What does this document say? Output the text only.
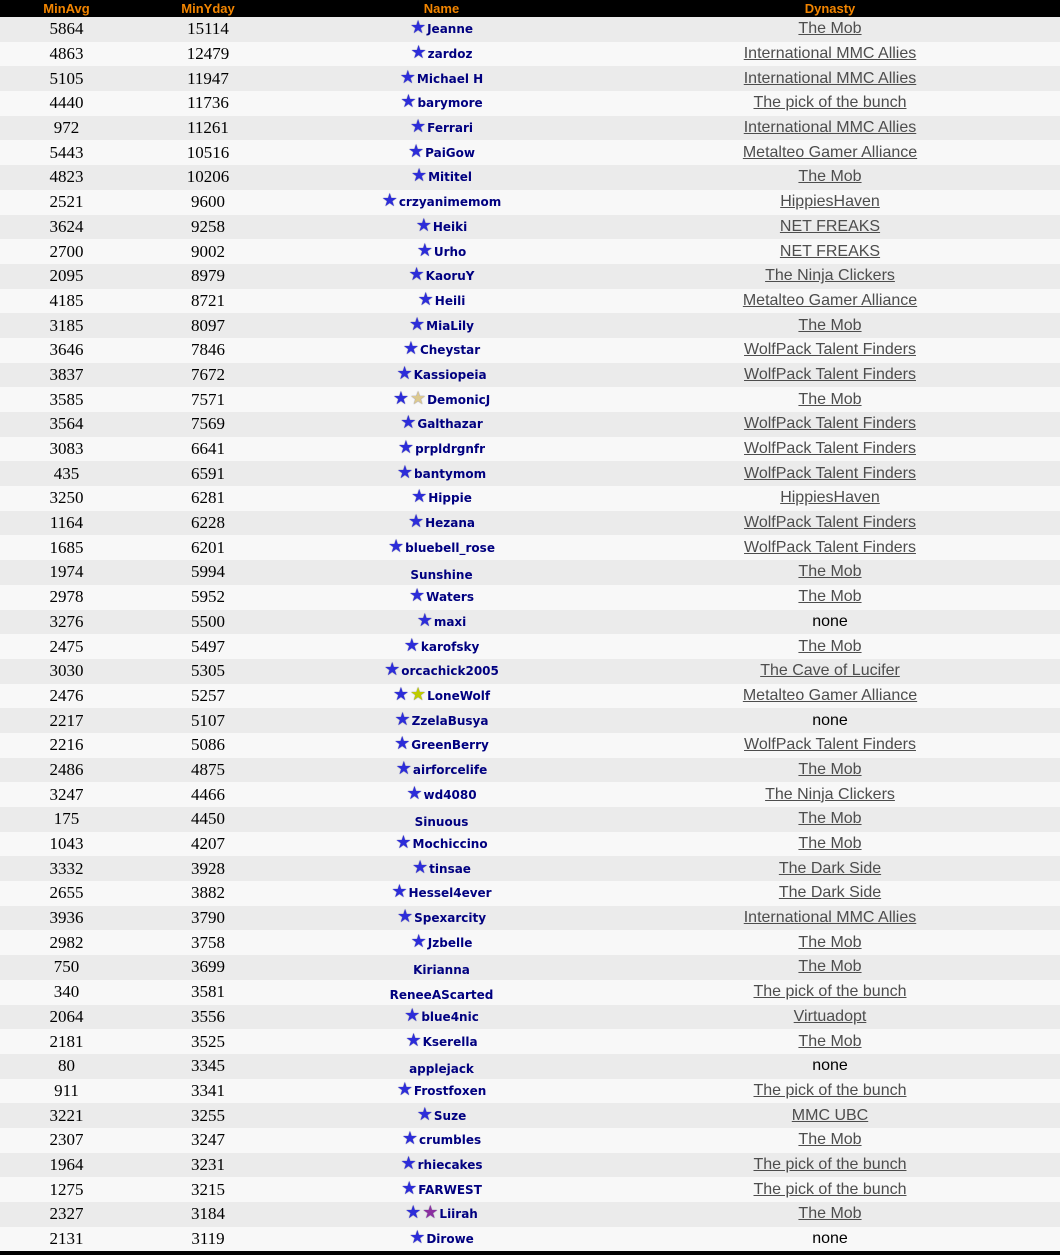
MinAvg	MinYday	Name	Dynasty
5864	15114	★ Jeanne	The Mob
4863	12479	★ zardoz	International MMC Allies
5105	11947	★ Michael H	International MMC Allies
4440	11736	★ barymore	The pick of the bunch
972	11261	★ Ferrari	International MMC Allies
5443	10516	★ PaiGow	Metalteo Gamer Alliance
4823	10206	★ Mititel	The Mob
2521	9600	★ crzyanimemom	HippiesHaven
3624	9258	★ Heiki	NET FREAKS
2700	9002	★ Urho	NET FREAKS
2095	8979	★ KaoruY	The Ninja Clickers
4185	8721	★ Heili	Metalteo Gamer Alliance
3185	8097	★ MiaLily	The Mob
3646	7846	★ Cheystar	WolfPack Talent Finders
3837	7672	★ Kassiopeia	WolfPack Talent Finders
3585	7571	★★ DemonicJ	The Mob
3564	7569	★ Galthazar	WolfPack Talent Finders
3083	6641	★ prpldrgnfr	WolfPack Talent Finders
435	6591	★ bantymom	WolfPack Talent Finders
3250	6281	★ Hippie	HippiesHaven
1164	6228	★ Hezana	WolfPack Talent Finders
1685	6201	★ bluebell_rose	WolfPack Talent Finders
1974	5994	Sunshine	The Mob
2978	5952	★ Waters	The Mob
3276	5500	★ maxi	none
2475	5497	★ karofsky	The Mob
3030	5305	★ orcachick2005	The Cave of Lucifer
2476	5257	★★ LoneWolf	Metalteo Gamer Alliance
2217	5107	★ ZzelaBusya	none
2216	5086	★ GreenBerry	WolfPack Talent Finders
2486	4875	★ airforcelife	The Mob
3247	4466	★ wd4080	The Ninja Clickers
175	4450	Sinuous	The Mob
1043	4207	★ Mochiccino	The Mob
3332	3928	★ tinsae	The Dark Side
2655	3882	★ Hessel4ever	The Dark Side
3936	3790	★ Spexarcity	International MMC Allies
2982	3758	★ Jzbelle	The Mob
750	3699	Kirianna	The Mob
340	3581	ReneeAScarted	The pick of the bunch
2064	3556	★ blue4nic	Virtuadopt
2181	3525	★ Kserella	The Mob
80	3345	applejack	none
911	3341	★ Frostfoxen	The pick of the bunch
3221	3255	★ Suze	MMC UBC
2307	3247	★ crumbles	The Mob
1964	3231	★ rhiecakes	The pick of the bunch
1275	3215	★ FARWEST	The pick of the bunch
2327	3184	★★ Liirah	The Mob
2131	3119	★ Dirowe	none
